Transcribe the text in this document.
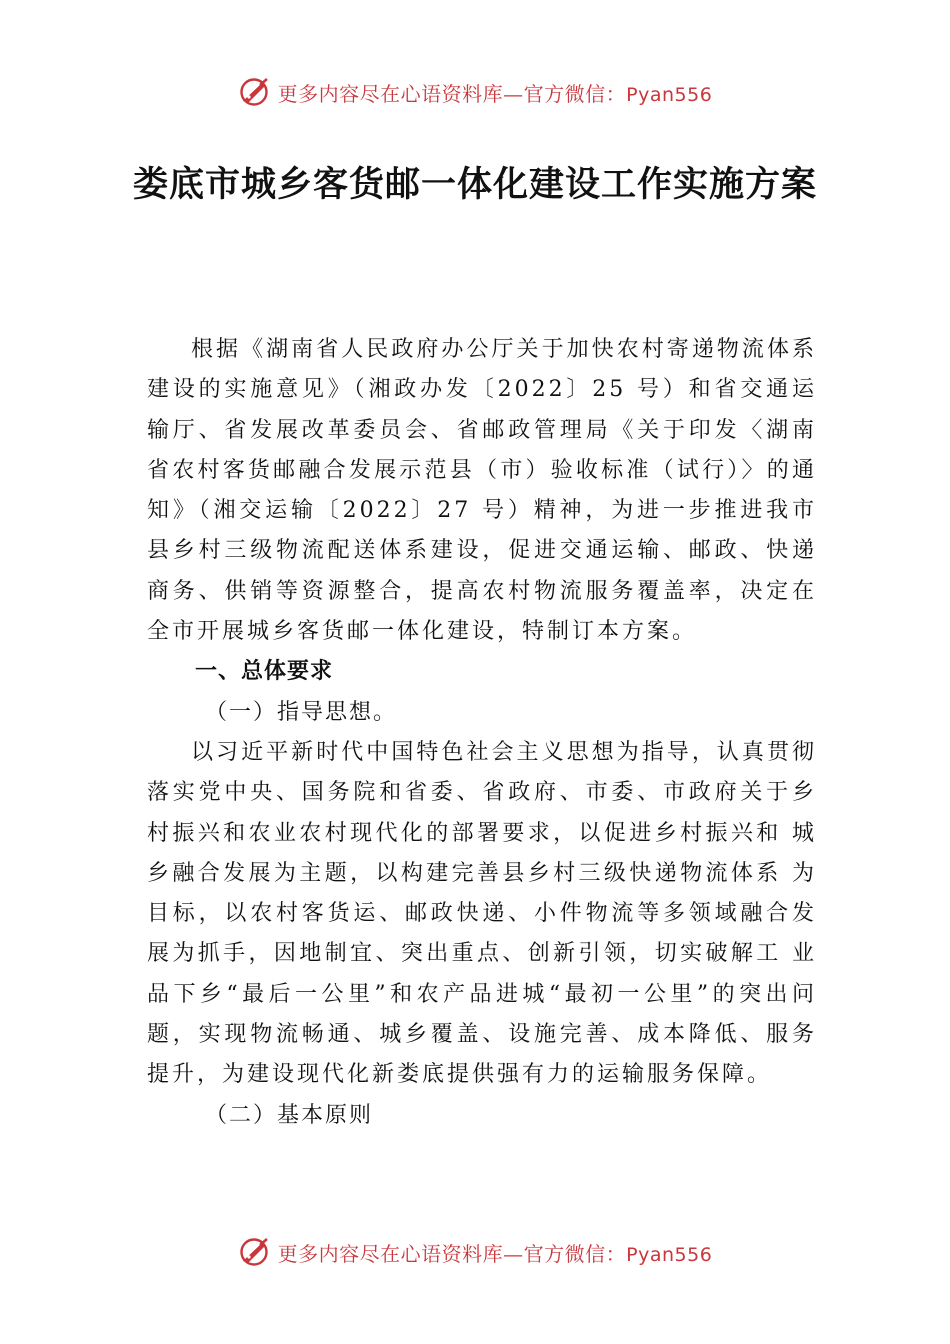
更多内容尽在心语资料库—官方微信：Pyan556
娄底市城乡客货邮一体化建设工作实施方案

根据《湖南省人民政府办公厅关于加快农村寄递物流体系建设的实施意见》（湘政办发〔2022〕25 号）和省交通运输厅、省发展改革委员会、省邮政管理局《关于印发〈湖南省农村客货邮融合发展示范县（市）验收标准（试行）〉的通知》（湘交运输〔2022〕27 号）精神，为进一步推进我市县乡村三级物流配送体系建设，促进交通运输、邮政、快递商务、供销等资源整合，提高农村物流服务覆盖率，决定在全市开展城乡客货邮一体化建设，特制订本方案。

一、总体要求

（一）指导思想。

以习近平新时代中国特色社会主义思想为指导，认真贯彻落实党中央、国务院和省委、省政府、市委、市政府关于乡村振兴和农业农村现代化的部署要求，以促进乡村振兴和 城乡融合发展为主题，以构建完善县乡村三级快递物流体系 为目标，以农村客货运、邮政快递、小件物流等多领域融合发展为抓手，因地制宜、突出重点、创新引领，切实破解工 业品下乡“最后一公里”和农产品进城“最初一公里”的突出问题，实现物流畅通、城乡覆盖、设施完善、成本降低、服务提升，为建设现代化新娄底提供强有力的运输服务保障。

（二）基本原则

更多内容尽在心语资料库—官方微信：Pyan556
